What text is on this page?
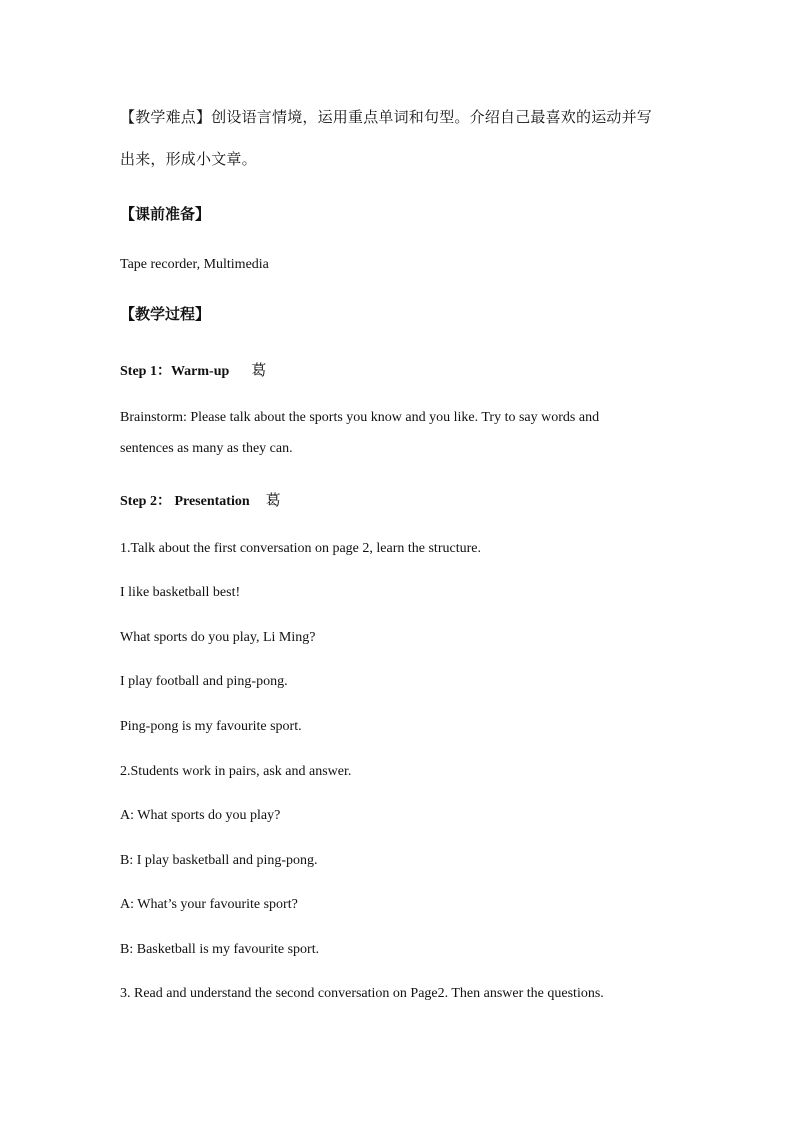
【教学难点】创设语言情境，运用重点单词和句型。介绍自己最喜欢的运动并写
出来，形成小文章。
【课前准备】
Tape recorder, Multimedia
【教学过程】
Step 1：Warm-up 葛
Brainstorm: Please talk about the sports you know and you like. Try to say words and
sentences as many as they can.
Step 2： Presentation 葛
1.Talk about the first conversation on page 2, learn the structure.
I like basketball best!
What sports do you play, Li Ming?
I play football and ping-pong.
Ping-pong is my favourite sport.
2.Students work in pairs, ask and answer.
A: What sports do you play?
B: I play basketball and ping-pong.
A: What’s your favourite sport?
B: Basketball is my favourite sport.
3. Read and understand the second conversation on Page2. Then answer the questions.
